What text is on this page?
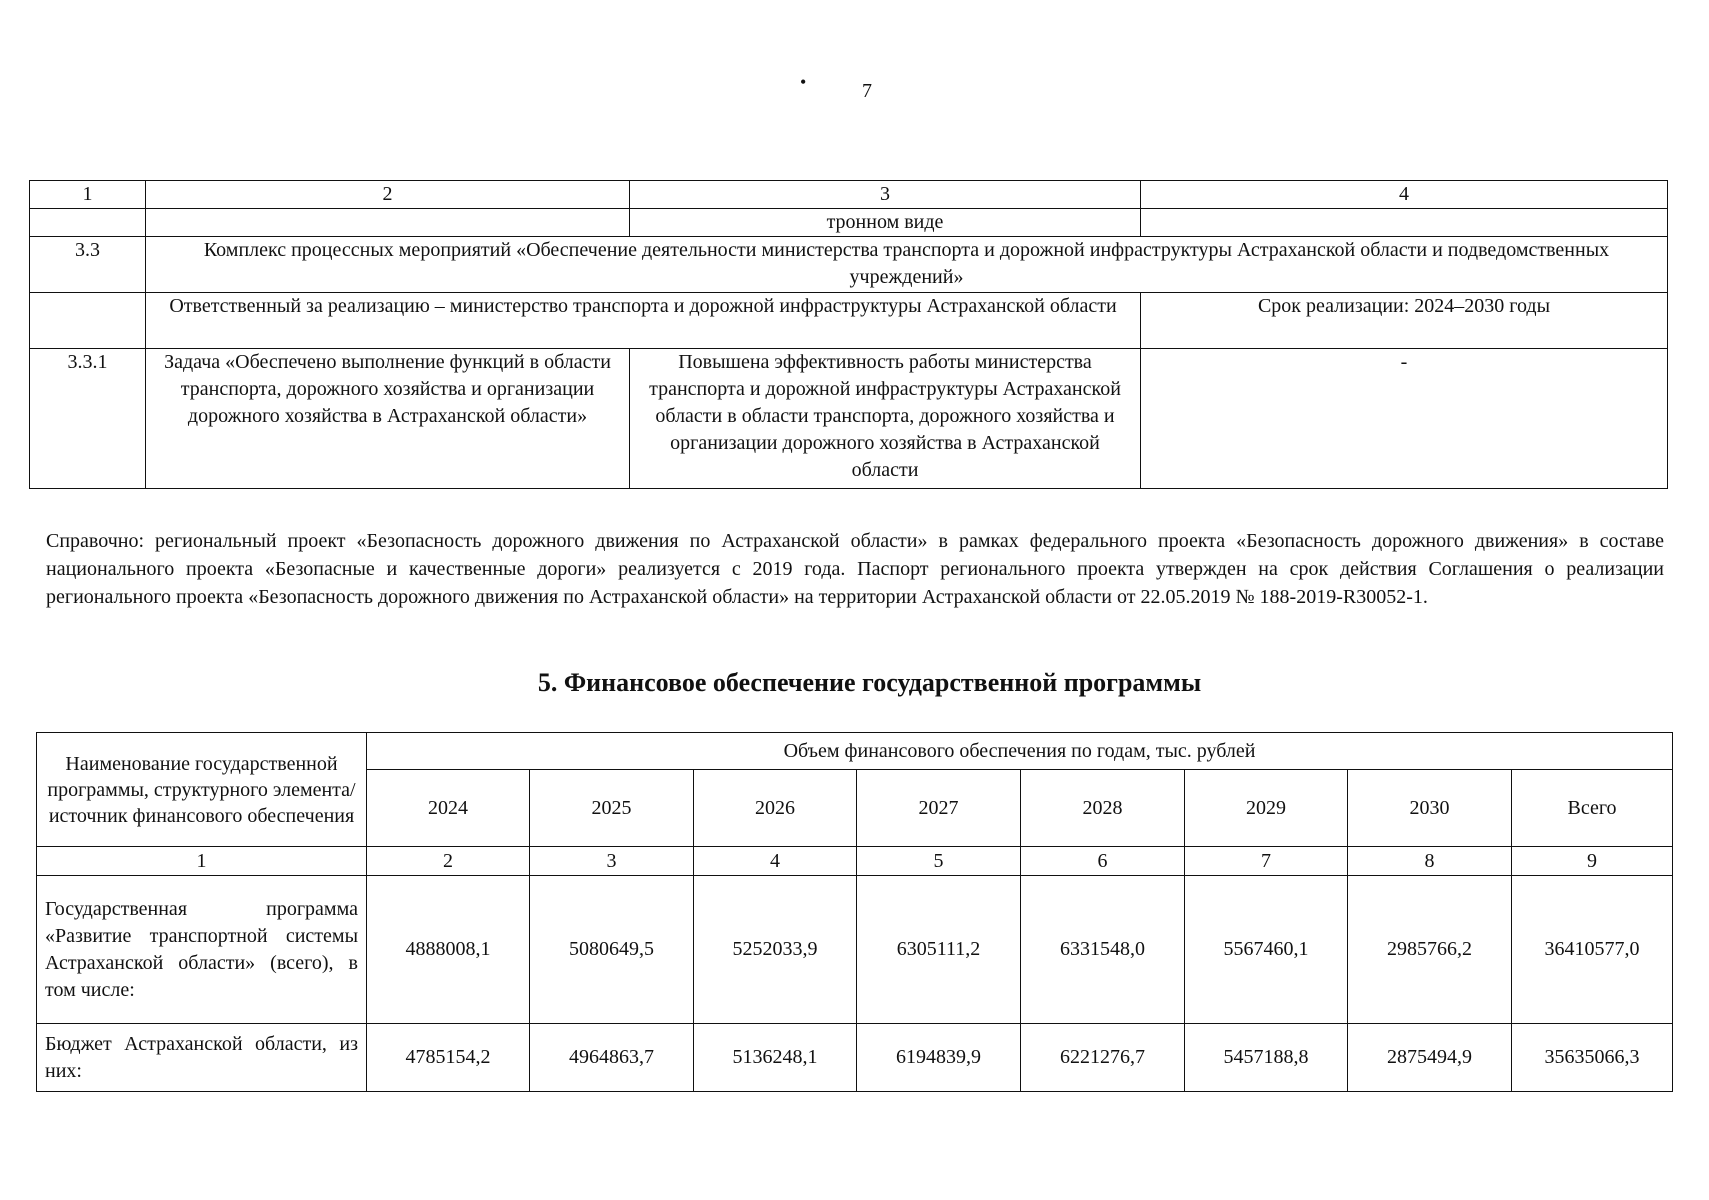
•	7
1	2	3	4
		тронном виде	
3.3	Комплекс процессных мероприятий «Обеспечение деятельности министерства транспорта и дорожной инфраструктуры Астраханской области и подведомственных учреждений»		
	Ответственный за реализацию – министерство транспорта и дорожной инфраструктуры Астраханской области		Срок реализации: 2024–2030 годы
3.3.1	Задача «Обеспечено выполнение функций в области транспорта, дорожного хозяйства и организации дорожного хозяйства в Астраханской области»	Повышена эффективность работы министерства транспорта и дорожной инфраструктуры Астраханской области в области транспорта, дорожного хозяйства и организации дорожного хозяйства в Астраханской области	-
Справочно: региональный проект «Безопасность дорожного движения по Астраханской области» в рамках федерального проекта «Безопасность дорожного движения» в составе национального проекта «Безопасные и качественные дороги» реализуется с 2019 года. Паспорт регионального проекта утвержден на срок действия Соглашения о реализации регионального проекта «Безопасность дорожного движения по Астраханской области» на территории Астраханской области от 22.05.2019 № 188-2019-R30052-1.
5. Финансовое обеспечение государственной программы
Наименование государственной программы, структурного элемента/ источник финансового обеспечения	Объем финансового обеспечения по годам, тыс. рублей							
	2024	2025	2026	2027	2028	2029	2030	Всего
1	2	3	4	5	6	7	8	9
Государственная программа «Развитие транспортной системы Астраханской области» (всего), в том числе:	4888008,1	5080649,5	5252033,9	6305111,2	6331548,0	5567460,1	2985766,2	36410577,0
Бюджет Астраханской области, из них:	4785154,2	4964863,7	5136248,1	6194839,9	6221276,7	5457188,8	2875494,9	35635066,3
